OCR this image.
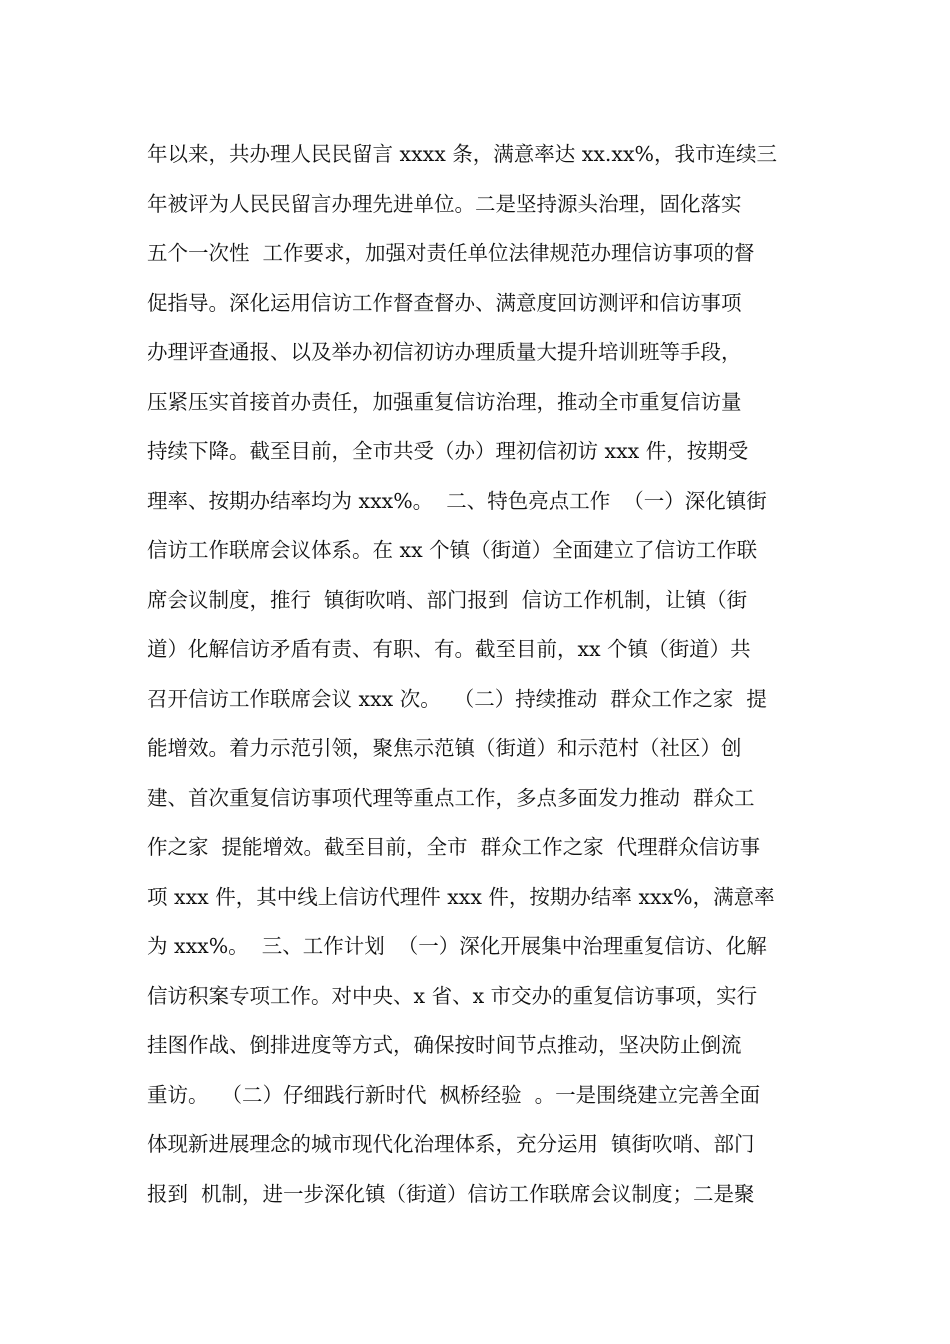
年以来，共办理人民民留言 xxxx 条，满意率达 xx.xx%，我市连续三
年被评为人民民留言办理先进单位。二是坚持源头治理，固化落实
五个一次性  工作要求，加强对责任单位法律规范办理信访事项的督
促指导。深化运用信访工作督查督办、满意度回访测评和信访事项
办理评查通报、以及举办初信初访办理质量大提升培训班等手段，
压紧压实首接首办责任，加强重复信访治理，推动全市重复信访量
持续下降。截至目前，全市共受（办）理初信初访 xxx 件，按期受
理率、按期办结率均为 xxx%。  二、特色亮点工作  （一）深化镇街
信访工作联席会议体系。在 xx 个镇（街道）全面建立了信访工作联
席会议制度，推行  镇街吹哨、部门报到  信访工作机制，让镇（街
道）化解信访矛盾有责、有职、有。截至目前，xx 个镇（街道）共
召开信访工作联席会议 xxx 次。  （二）持续推动  群众工作之家  提
能增效。着力示范引领，聚焦示范镇（街道）和示范村（社区）创
建、首次重复信访事项代理等重点工作，多点多面发力推动  群众工
作之家  提能增效。截至目前，全市  群众工作之家  代理群众信访事
项 xxx 件，其中线上信访代理件 xxx 件，按期办结率 xxx%，满意率
为 xxx%。  三、工作计划  （一）深化开展集中治理重复信访、化解
信访积案专项工作。对中央、x 省、x 市交办的重复信访事项，实行
挂图作战、倒排进度等方式，确保按时间节点推动，坚决防止倒流
重访。  （二）仔细践行新时代  枫桥经验  。一是围绕建立完善全面
体现新进展理念的城市现代化治理体系，充分运用  镇街吹哨、部门
报到  机制，进一步深化镇（街道）信访工作联席会议制度；二是聚
